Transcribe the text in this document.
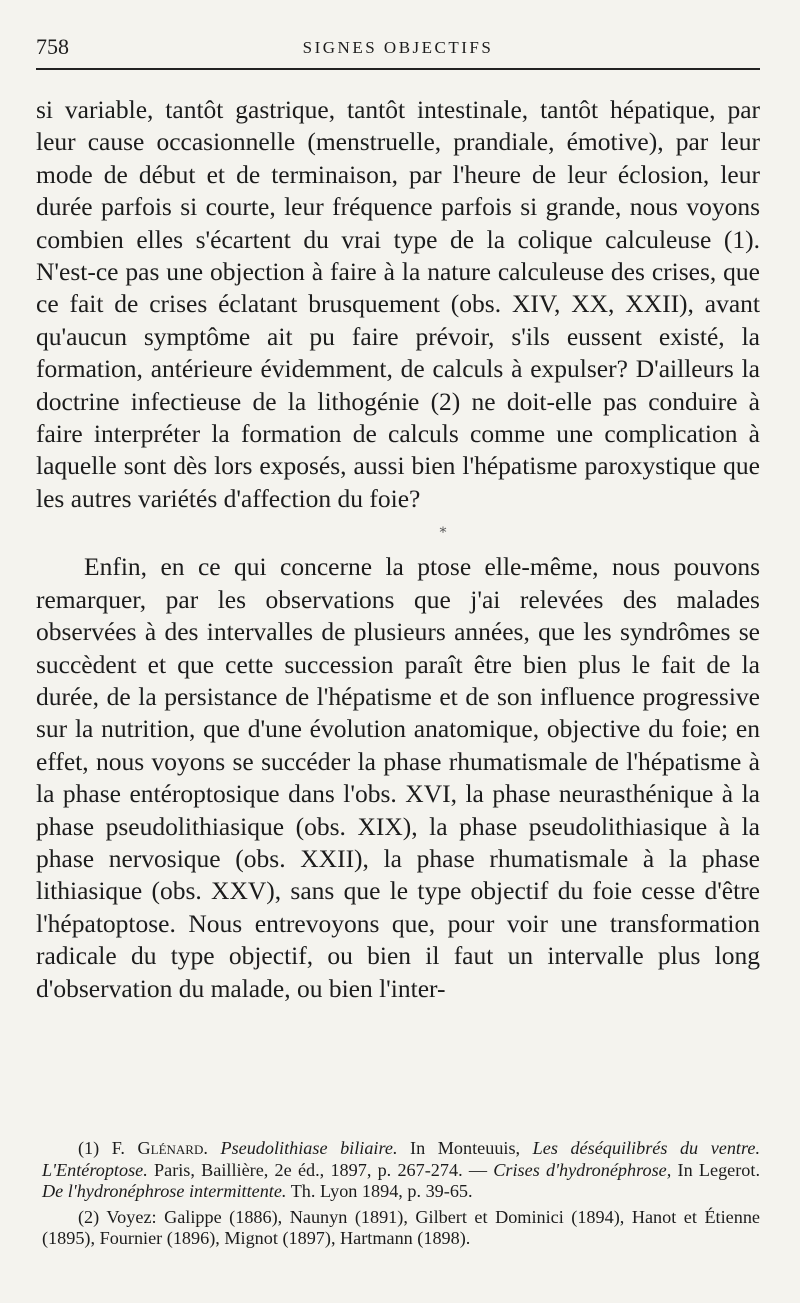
758	SIGNES OBJECTIFS

si variable, tantôt gastrique, tantôt intestinale, tantôt hépatique, par leur cause occasionnelle (menstruelle, prandiale, émotive), par leur mode de début et de terminaison, par l'heure de leur éclosion, leur durée parfois si courte, leur fréquence parfois si grande, nous voyons combien elles s'écartent du vrai type de la colique calculeuse (1). N'est-ce pas une objection à faire à la nature calculeuse des crises, que ce fait de crises éclatant brusquement (obs. XIV, XX, XXII), avant qu'aucun symptôme ait pu faire prévoir, s'ils eussent existé, la formation, antérieure évidemment, de calculs à expulser? D'ailleurs la doctrine infectieuse de la lithogénie (2) ne doit-elle pas conduire à faire interpréter la formation de calculs comme une complication à laquelle sont dès lors exposés, aussi bien l'hépatisme paroxystique que les autres variétés d'affection du foie?

*

Enfin, en ce qui concerne la ptose elle-même, nous pouvons remarquer, par les observations que j'ai relevées des malades observées à des intervalles de plusieurs années, que les syndrômes se succèdent et que cette succession paraît être bien plus le fait de la durée, de la persistance de l'hépatisme et de son influence progressive sur la nutrition, que d'une évolution anatomique, objective du foie; en effet, nous voyons se succéder la phase rhumatismale de l'hépatisme à la phase entéroptosique dans l'obs. XVI, la phase neurasthénique à la phase pseudolithiasique (obs. XIX), la phase pseudolithiasique à la phase nervosique (obs. XXII), la phase rhumatismale à la phase lithiasique (obs. XXV), sans que le type objectif du foie cesse d'être l'hépatoptose. Nous entrevoyons que, pour voir une transformation radicale du type objectif, ou bien il faut un intervalle plus long d'observation du malade, ou bien l'inter-

(1) F. Glénard. Pseudolithiase biliaire. In Monteuuis, Les déséquilibrés du ventre. L'Entéroptose. Paris, Baillière, 2e éd., 1897, p. 267-274. — Crises d'hydronéphrose, In Legerot. De l'hydronéphrose intermittente. Th. Lyon 1894, p. 39-65.

(2) Voyez: Galippe (1886), Naunyn (1891), Gilbert et Dominici (1894), Hanot et Étienne (1895), Fournier (1896), Mignot (1897), Hartmann (1898).
